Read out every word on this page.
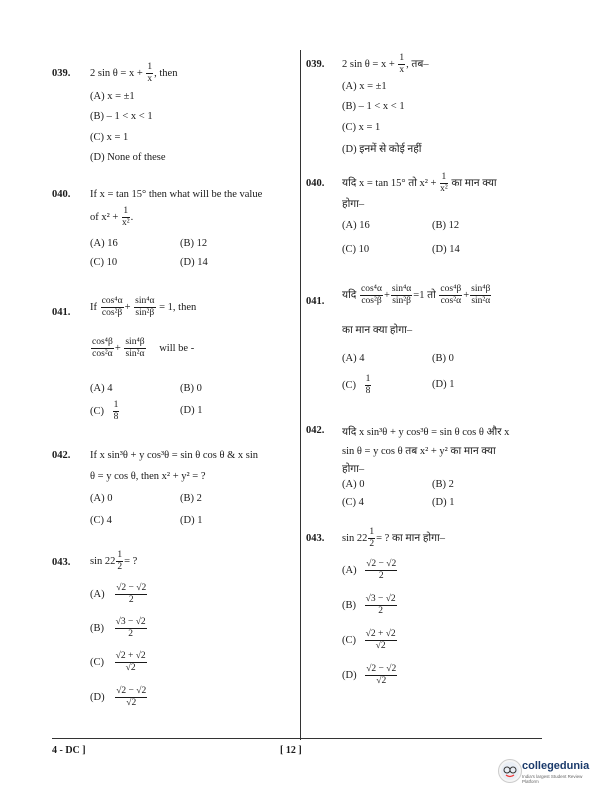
039. 2 $\sin \theta = x + \frac{1}{x}$ , then
(A) x = ±1
(B) – 1 < x < 1
(C) x = 1
(D) None of these
040. If x = tan 15° then what will be the value
of $x^2 + \frac{1}{\text{x²}}$ .
(A) 16	(B) 12
(C) 10	(D) 14
041. If $\frac{\text{cos⁴α}}{\text{cos²β}} + \frac{\text{sin⁴α}}{\text{sin²β}} = 1$, then
$\frac{\text{cos⁴β}}{\text{cos²α}} + \frac{\text{sin⁴β}}{\text{sin²α}}$ will be -
(A) 4	(B) 0
$(C) \frac{1}{8}$	(D) 1
042. If x sin³θ + y cos³θ = sin θ cos θ & x sin
θ = y cos θ, then x² + y² = ?
(A) 0	(B) 2
(C) 4	(D) 1
043. $\sin 22 \frac{1}{2}$ = ?
$(A) \frac{√2 - √2}{2}$
$(B) \frac{√3 - √2}{2}$
$(C) \frac{√2 + √2}{√2}$
$(D) \frac{√2 - √2}{√2}$
039. 2 $\sin \theta = x + \frac{1}{x}$ , तब–
(A) x = ±1
(B) – 1 < x < 1
(C) x = 1
(D) इनमें से कोई नहीं
040. यदि x = tan 15° तो $x^2 + \frac{1}{\text{x²}}$ का मान क्या
होगा–
(A) 16	(B) 12
(C) 10	(D) 14
041.
यदि $\frac{\text{cos⁴α}}{\text{cos²β}} + \frac{\text{sin⁴α}}{\text{sin²β}} =1$ तो $\frac{\text{cos⁴β}}{\text{cos²α}} + \frac{\text{sin⁴β}}{\text{sin²α}}$
का मान क्या होगा–
(A) 4	(B) 0
$(C) \frac{1}{8}$	(D) 1
042. यदि x sin³θ + y cos³θ = sin θ cos θ और x
sin θ = y cos θ तब x² + y² का मान क्या
होगा–
(A) 0	(B) 2
(C) 4	(D) 1
043. $\sin 22 \frac{1}{2}$ = ? का मान होगा–
$(A) \frac{√2 - √2}{2}$
$(B) \frac{√3 - √2}{2}$
$(C) \frac{√2 + √2}{√2}$
$(D) \frac{√2 - √2}{√2}$
4 - DC ]	[ 12 ]
collegedunia
India's largest Student Review Platform
